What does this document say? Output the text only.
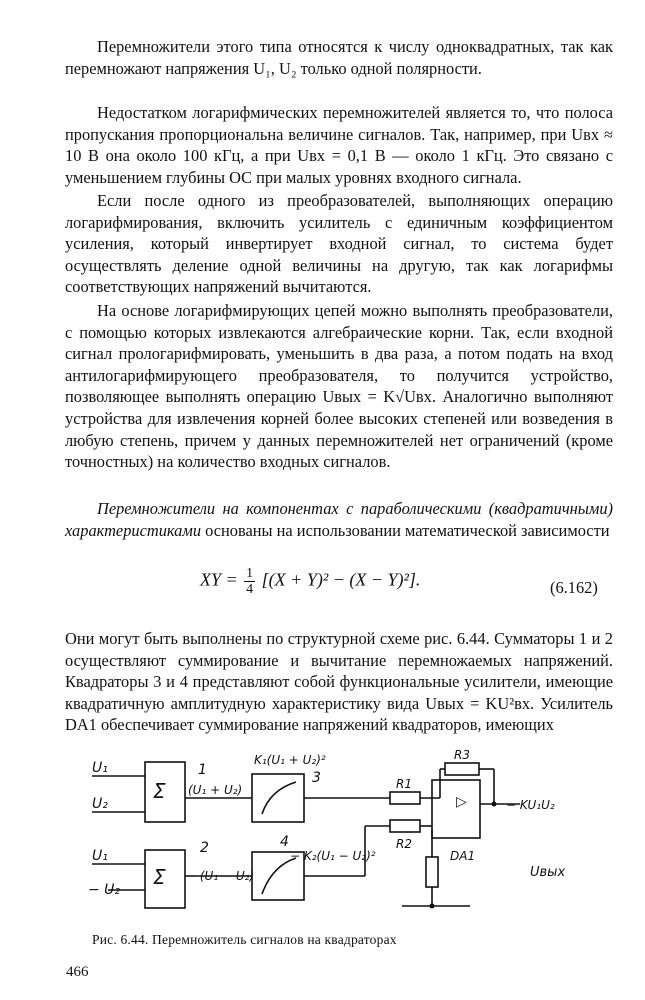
Перемножители этого типа относятся к числу одноквадратных, так как перемножают напряжения U₁, U₂ только одной полярности.

Недостатком логарифмических перемножителей является то, что полоса пропускания пропорциональна величине сигналов. Так, например, при Uвх ≈ 10 В она около 100 кГц, а при Uвх = 0,1 В — около 1 кГц. Это связано с уменьшением глубины ОС при малых уровнях входного сигнала.

Если после одного из преобразователей, выполняющих операцию логарифмирования, включить усилитель с единичным коэффициентом усиления, который инвертирует входной сигнал, то система будет осуществлять деление одной величины на другую, так как логарифмы соответствующих напряжений вычитаются.

На основе логарифмирующих цепей можно выполнять преобразователи, с помощью которых извлекаются алгебраические корни. Так, если входной сигнал прологарифмировать, уменьшить в два раза, а потом подать на вход антилогарифмирующего преобразователя, то получится устройство, позволяющее выполнять операцию Uвых = K√Uвх. Аналогично выполняют устройства для извлечения корней более высоких степеней или возведения в любую степень, причем у данных перемножителей нет ограничений (кроме точностных) на количество входных сигналов.

Перемножители на компонентах с параболическими (квадратичными) характеристиками основаны на использовании математической зависимости

XY = $\frac{1}{4} [(X + Y)^2 - (X - Y)^2]$.	(6.162)

Они могут быть выполнены по структурной схеме рис. 6.44. Сумматоры 1 и 2 осуществляют суммирование и вычитание перемножаемых напряжений. Квадраторы 3 и 4 представляют собой функциональные усилители, имеющие квадратичную амплитудную характеристику вида Uвых = KU²вх. Усилитель DA1 обеспечивает суммирование напряжений квадраторов, имеющих

U₁
U₂
U₁
− U₂
Σ
Σ
1
2
(U₁ + U₂)
− (U₁ − U₂)
3
4
K₁(U₁ + U₂)²
− K₂(U₁ − U₂)²
R1
R2
R3
▷
DA1
− KU₁U₂
Uвых
Рис. 6.44. Перемножитель сигналов на квадраторах
466
